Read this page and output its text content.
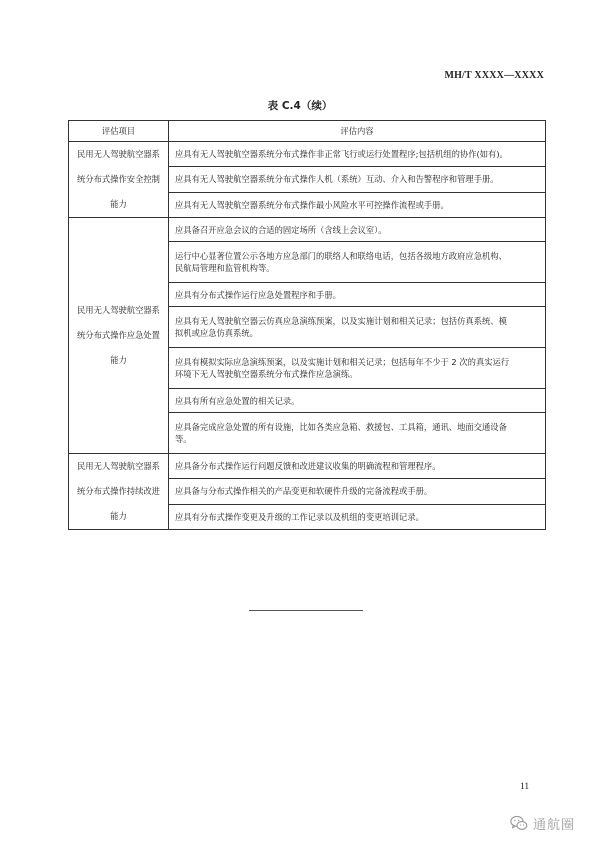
MH/T XXXX—XXXX
表 C.4（续）
评估项目	评估内容

民用无人驾驶航空器系
统分布式操作安全控制
能力	应具有无人驾驶航空器系统分布式操作非正常飞行或运行处置程序;包括机组的协作(如有)。

	应具有无人驾驶航空器系统分布式操作人机（系统）互动、介入和告警程序和管理手册。

	应具有无人驾驶航空器系统分布式操作最小风险水平可控操作流程或手册。

民用无人驾驶航空器系
统分布式操作应急处置
能力	应具备召开应急会议的合适的固定场所（含线上会议室）。

	运行中心显著位置公示各地方应急部门的联络人和联络电话，包括各级地方政府应急机构、
民航局管理和监管机构等。

	应具有分布式操作运行应急处置程序和手册。

	应具有无人驾驶航空器云仿真应急演练预案，以及实施计划和相关记录；包括仿真系统、模
拟机或应急仿真系统。

	应具有模拟实际应急演练预案，以及实施计划和相关记录；包括每年不少于 2 次的真实运行
环境下无人驾驶航空器系统分布式操作应急演练。

	应具有所有应急处置的相关记录。

	应具备完成应急处置的所有设施，比如各类应急箱、救援包、工具箱，通讯、地面交通设备
等。

民用无人驾驶航空器系
统分布式操作持续改进
能力	应具备分布式操作运行问题反馈和改进建议收集的明确流程和管理程序。

	应具备与分布式操作相关的产品变更和软硬件升级的完备流程或手册。

	应具有分布式操作变更及升级的工作记录以及机组的变更培训记录。
11
通航圈
